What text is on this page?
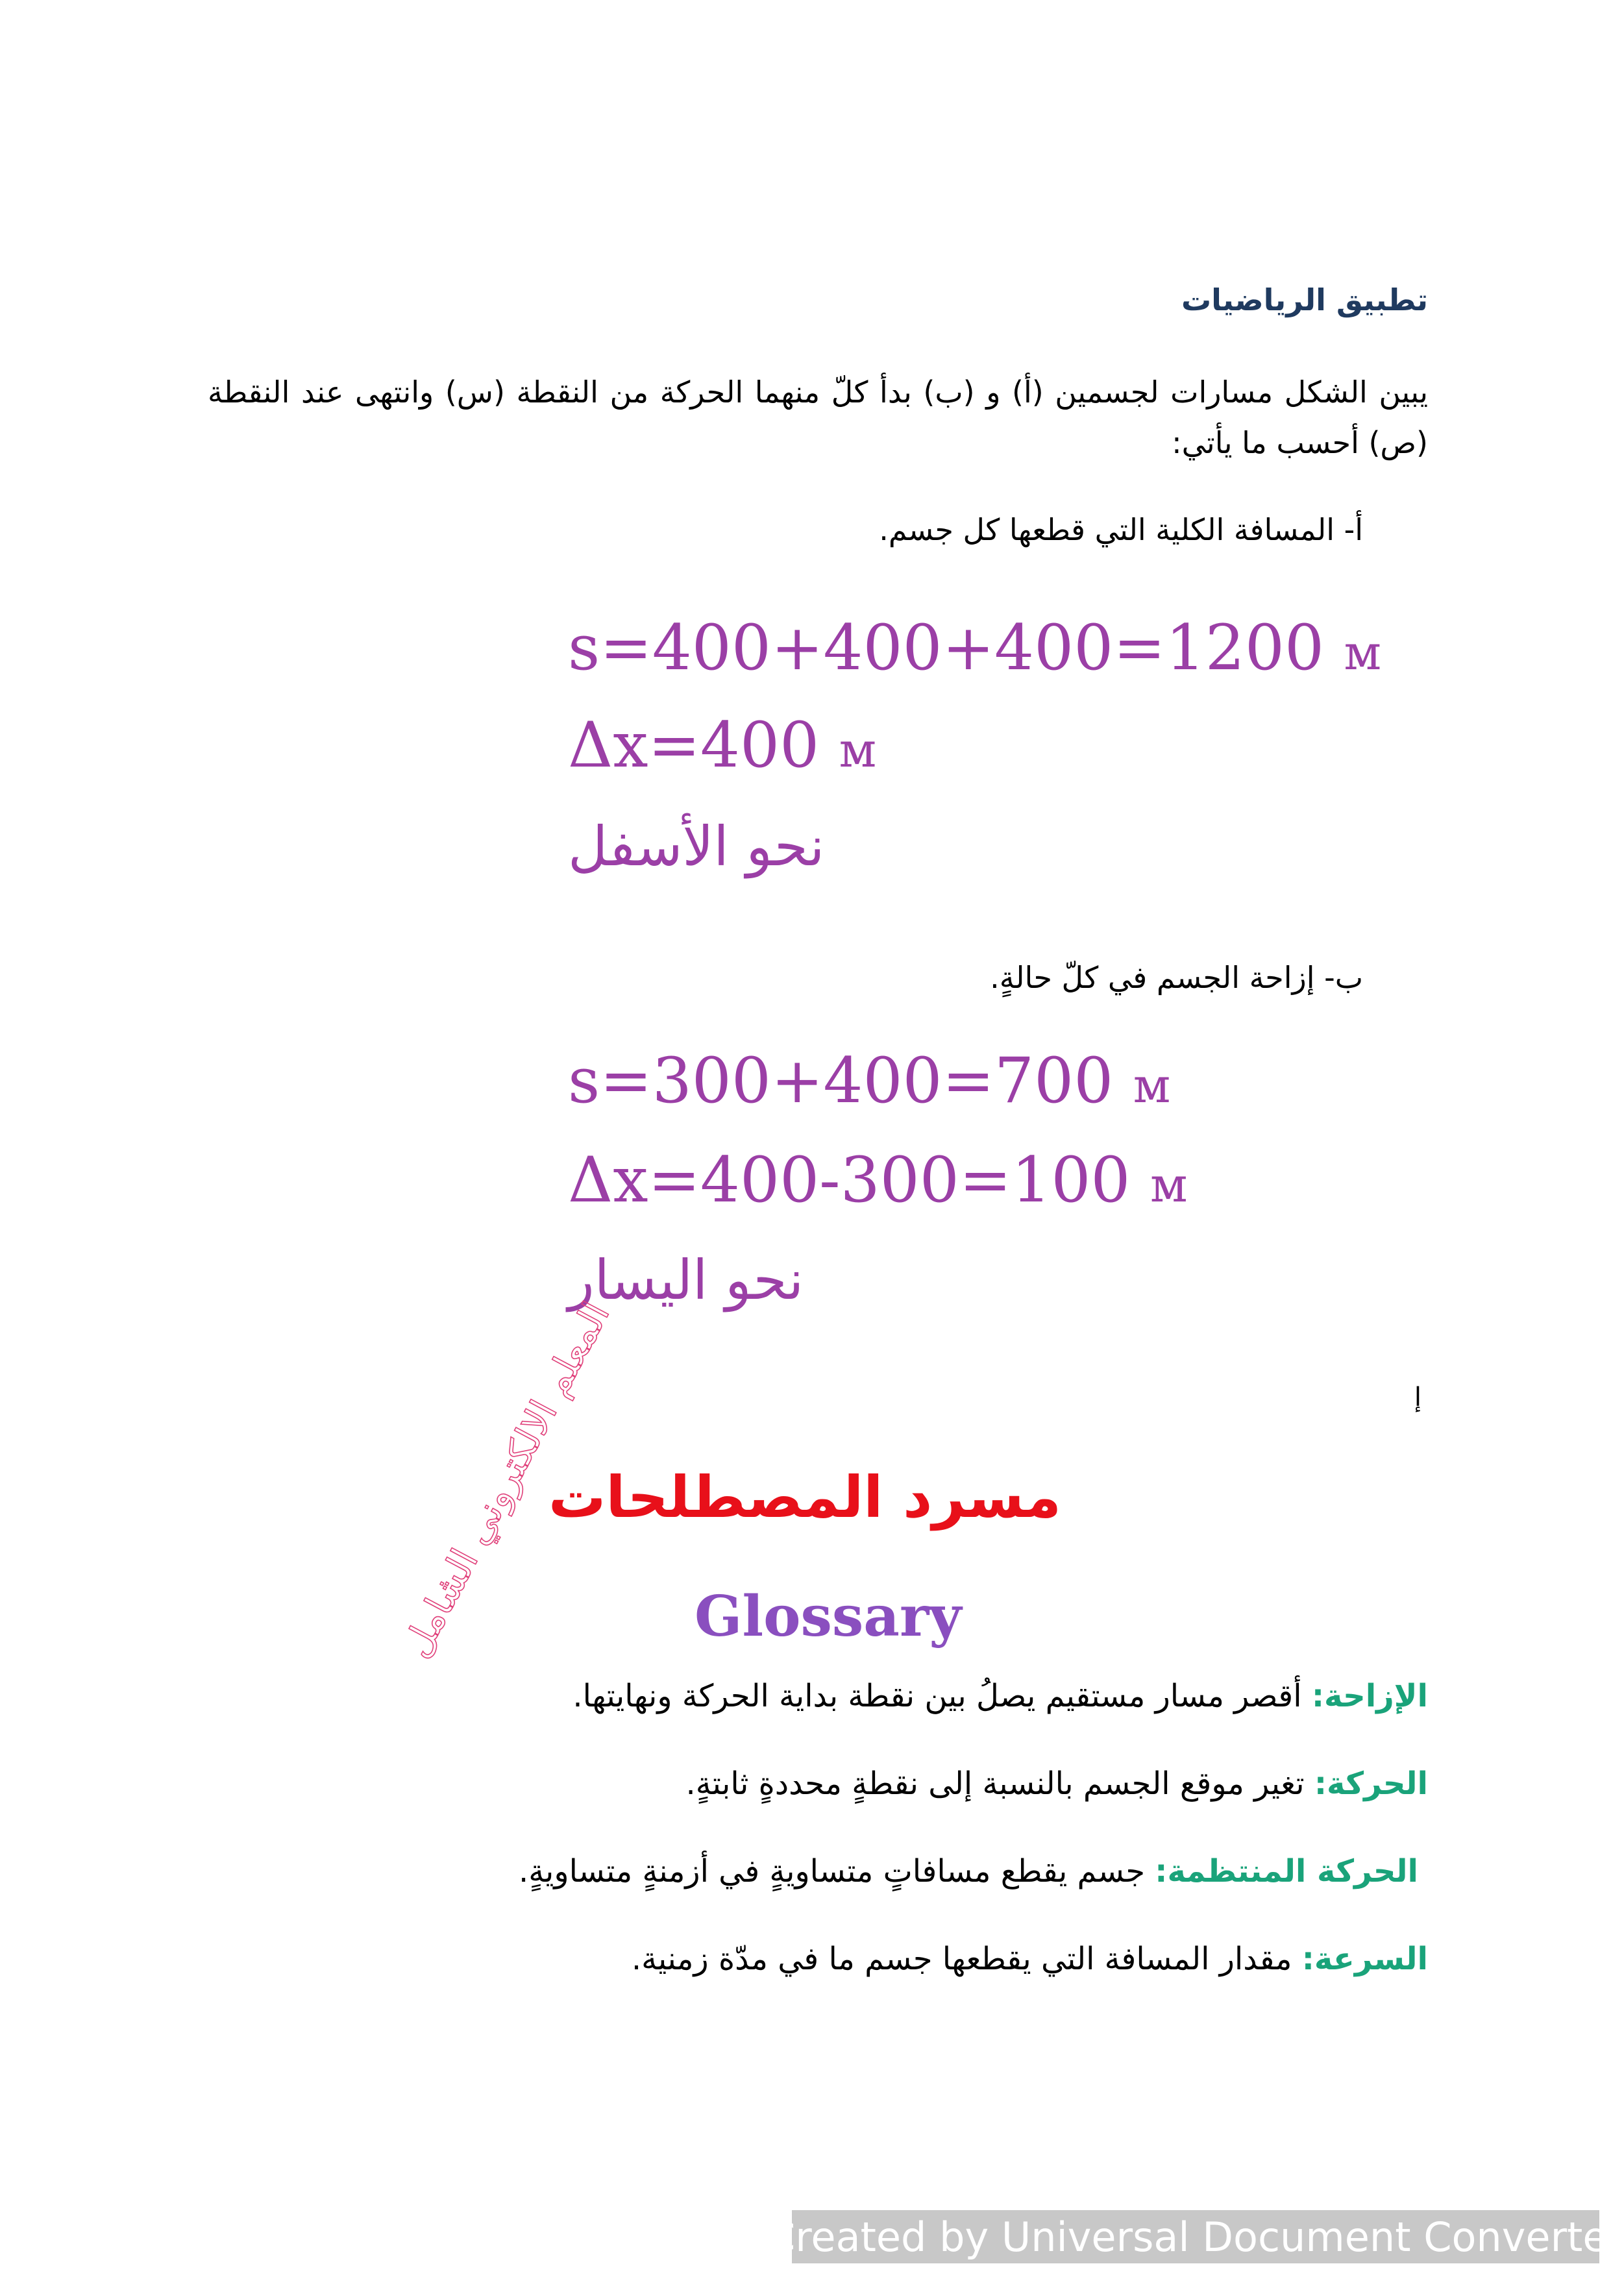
تطبيق الرياضيات
يبين الشكل مسارات لجسمين (أ) و (ب) بدأ كلّ منهما الحركة من النقطة (س) وانتهى عند النقطة (ص) أحسب ما يأتي:
أ- المسافة الكلية التي قطعها كل جسم.
s=400+400+400=1200 м
Δx=400 м
نحو الأسفل
ب- إزاحة الجسم في كلّ حالةٍ.
s=300+400=700 м
Δx=400-300=100 м
نحو اليسار
المعلم الالكتروني الشامل	إ
مسرد المصطلحات
Glossary
الإزاحة: أقصر مسار مستقيم يصلُ بين نقطة بداية الحركة ونهايتها.
الحركة: تغير موقع الجسم بالنسبة إلى نقطةٍ محددةٍ ثابتةٍ.
الحركة المنتظمة: جسم يقطع مسافاتٍ متساويةٍ في أزمنةٍ متساويةٍ.
السرعة: مقدار المسافة التي يقطعها جسم ما في مدّة زمنية.
Created by Universal Document Converter
